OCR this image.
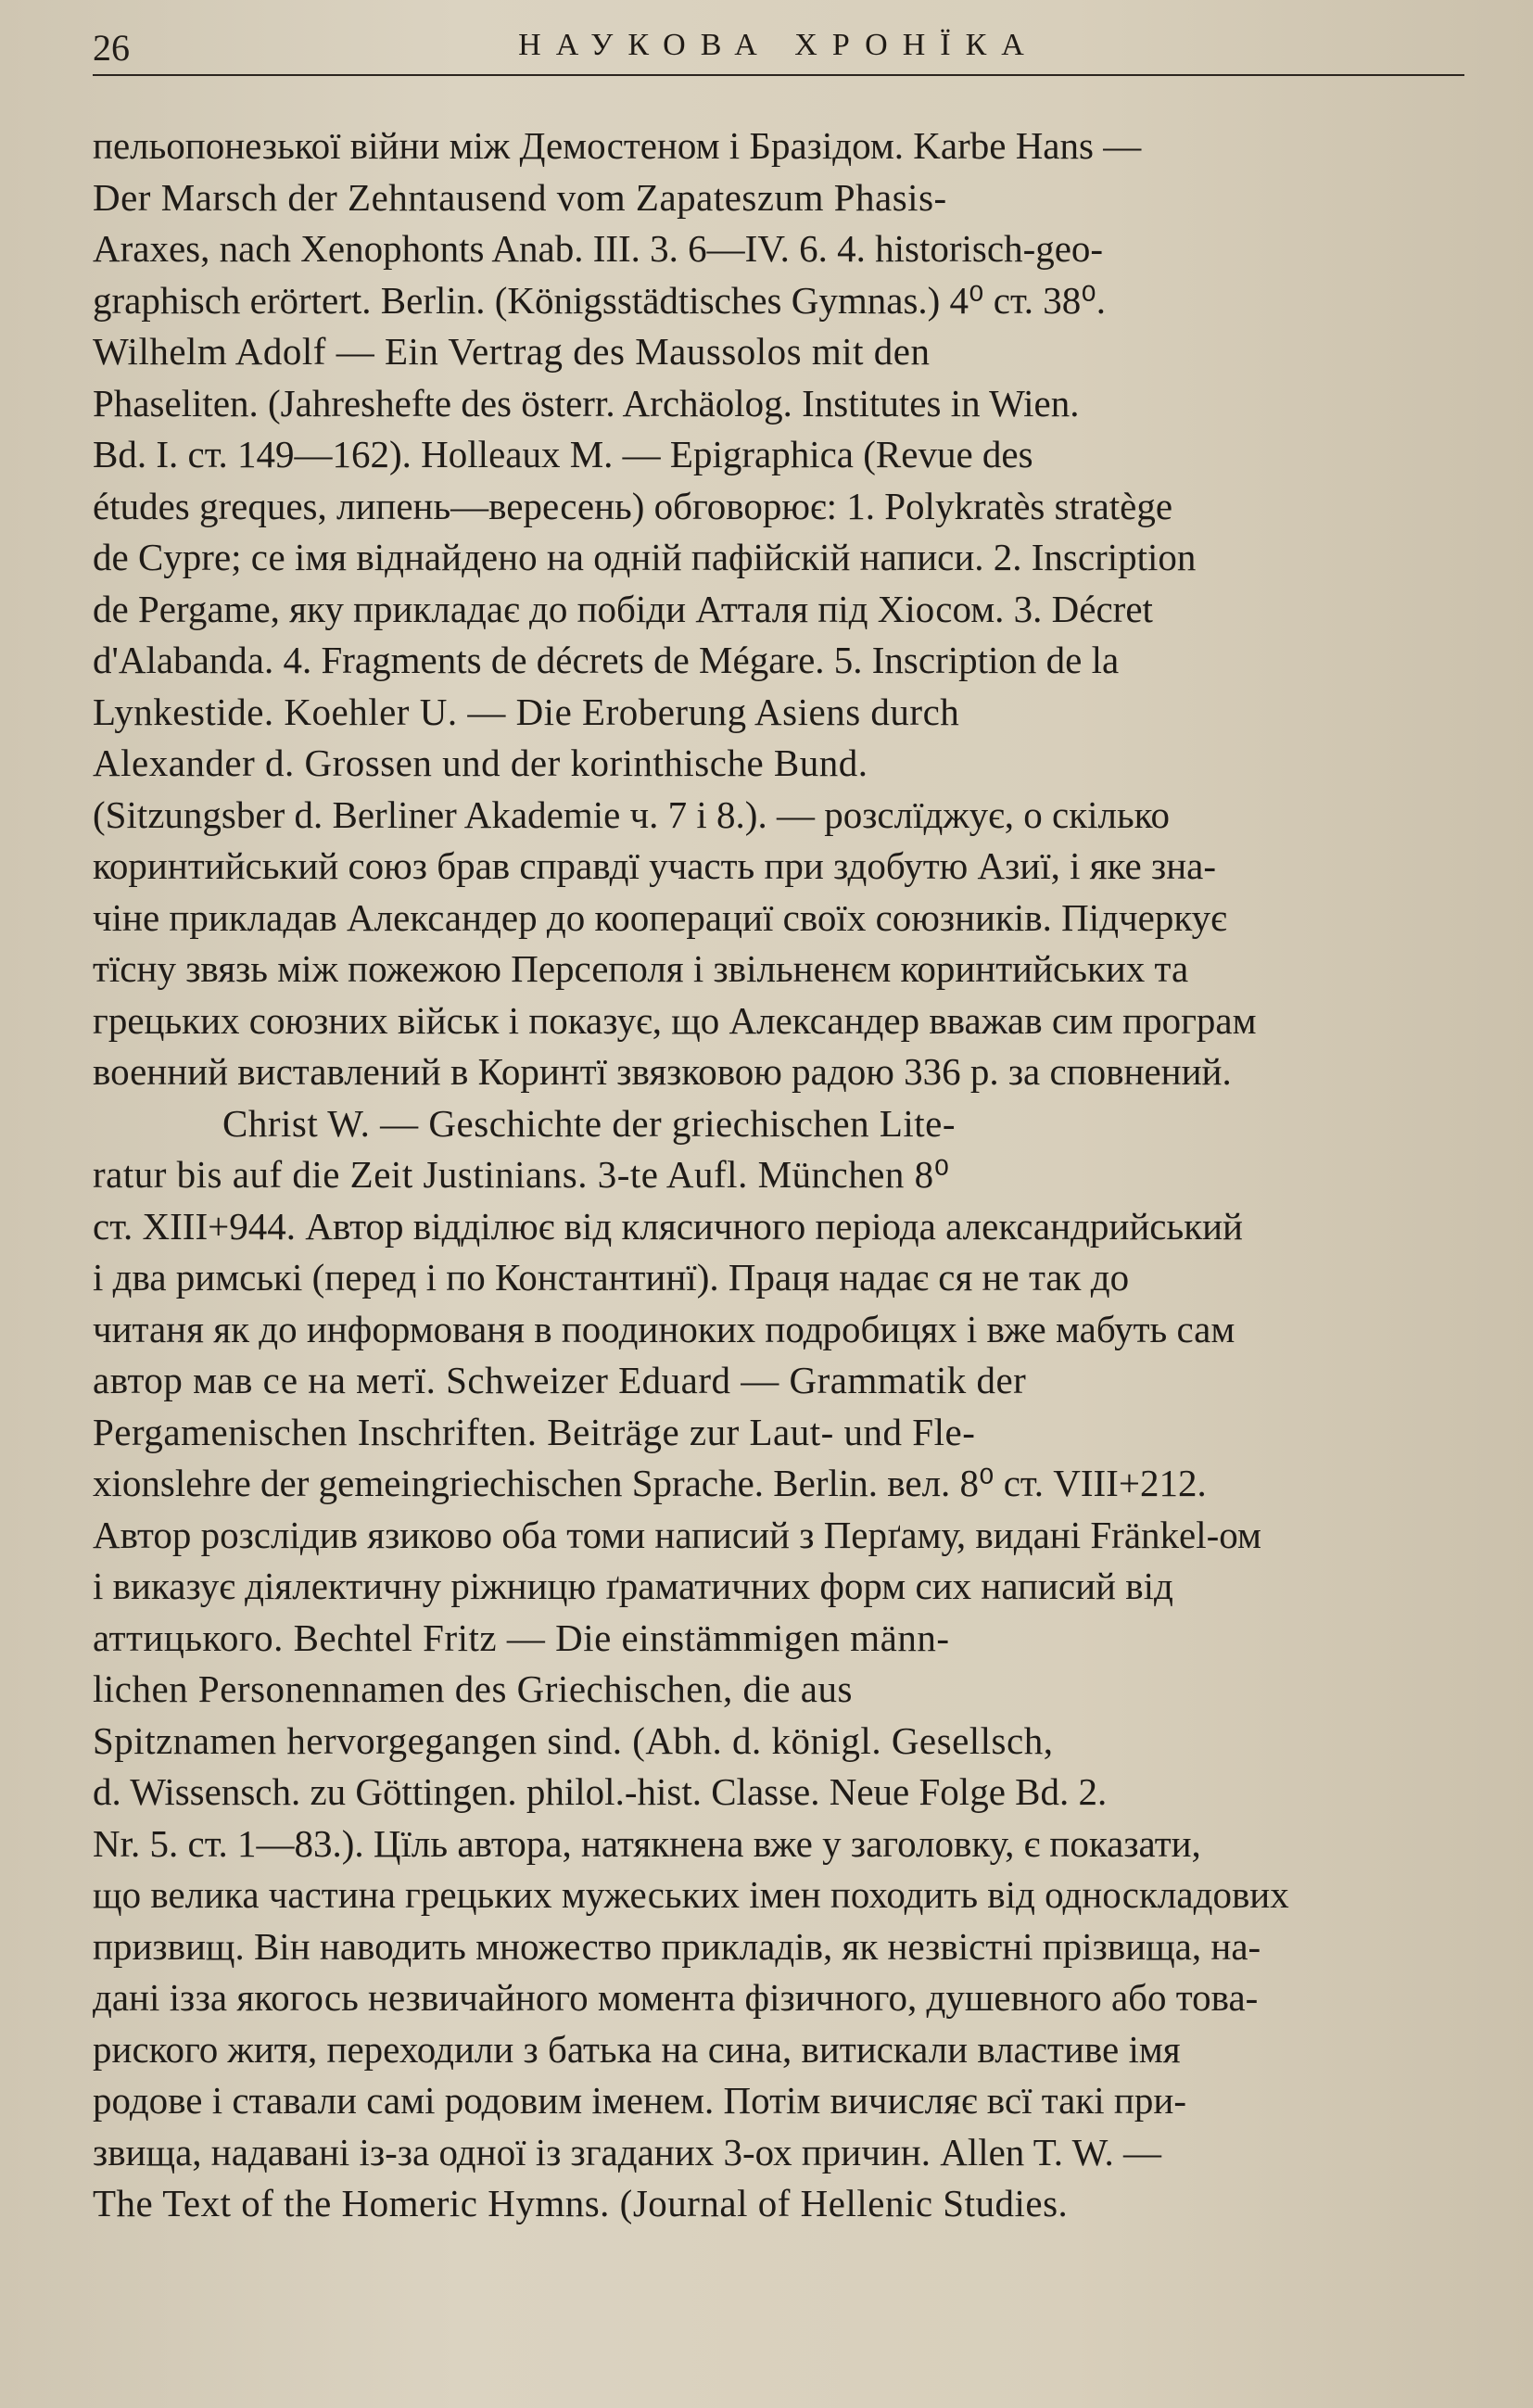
26	НАУКОВА ХРОНЇКА
пельопонезької війни між Демостеном і Бразідом. Karbe Hans —
Der Marsch der Zehntausend vom Zapateszum Phasis-
Araxes, nach Xenophonts Anab. III. 3. 6—IV. 6. 4. historisch-geo-
graphisch erörtert. Berlin. (Königsstädtisches Gymnas.) 4⁰ ст. 38⁰.
Wilhelm Adolf — Ein Vertrag des Maussolos mit den
Phaseliten. (Jahreshefte des österr. Archäolog. Institutes in Wien.
Bd. I. ст. 149—162). Holleaux M. — Epigraphica (Revue des
études greques, липень—вересень) обговорює: 1. Polykratès stratège
de Cypre; се імя віднайдено на одній пафійскій написи. 2. Inscription
de Pergame, яку прикладає до побіди Атталя під Хіосом. 3. Décret
d'Alabanda. 4. Fragments de décrets de Mégare. 5. Inscription de la
Lynkestide. Koehler U. — Die Eroberung Asiens durch
Alexander d. Grossen und der korinthische Bund.
(Sitzungsber d. Berliner Akademie ч. 7 і 8.). — розслїджує, о скілько
коринтийський союз брав справдї участь при здобутю Азиї, і яке зна-
чіне прикладав Александер до кооперациї своїх союзників. Підчеркує
тїсну звязь між пожежою Персеполя і звільненєм коринтийських та
грецьких союзних військ і показує, що Александер вважав сим програм
военний виставлений в Коринтї звязковою радою 336 р. за сповнений.
Christ W. — Geschichte der griechischen Lite-
ratur bis auf die Zeit Justinians. 3-te Aufl. München 8⁰
ст. XIII+944. Автор відділює від клясичного періода александрийський
і два римські (перед і по Константинї). Праця надає ся не так до
читаня як до информованя в поодиноких подробицях і вже мабуть сам
автор мав се на метї. Schweizer Eduard — Grammatik der
Pergamenischen Inschriften. Beiträge zur Laut- und Fle-
xionslehre der gemeingriechischen Sprache. Berlin. вел. 8⁰ ст. VIII+212.
Автор розслідив язиково оба томи написий з Перґаму, видані Fränkel-ом
і виказує діялектичну ріжницю ґраматичних форм сих написий від
аттицького. Bechtel Fritz — Die einstämmigen männ-
lichen Personennamen des Griechischen, die aus
Spitznamen hervorgegangen sind. (Abh. d. königl. Gesellsch,
d. Wissensch. zu Göttingen. philol.-hist. Classe. Neue Folge Bd. 2.
Nr. 5. ст. 1—83.). Цїль автора, натякнена вже у заголовку, є показати,
що велика частина грецьких мужеських імен походить від односкладових
призвищ. Він наводить множество прикладів, як незвістні прізвища, на-
дані ізза якогось незвичайного момента фізичного, душевного або това-
риского житя, переходили з батька на сина, витискали властиве імя
родове і ставали самі родовим іменем. Потім вичисляє всї такі при-
звища, надавані із-за одної із згаданих 3-ох причин. Allen T. W. —
The Text of the Homeric Hymns. (Journal of Hellenic Studies.
